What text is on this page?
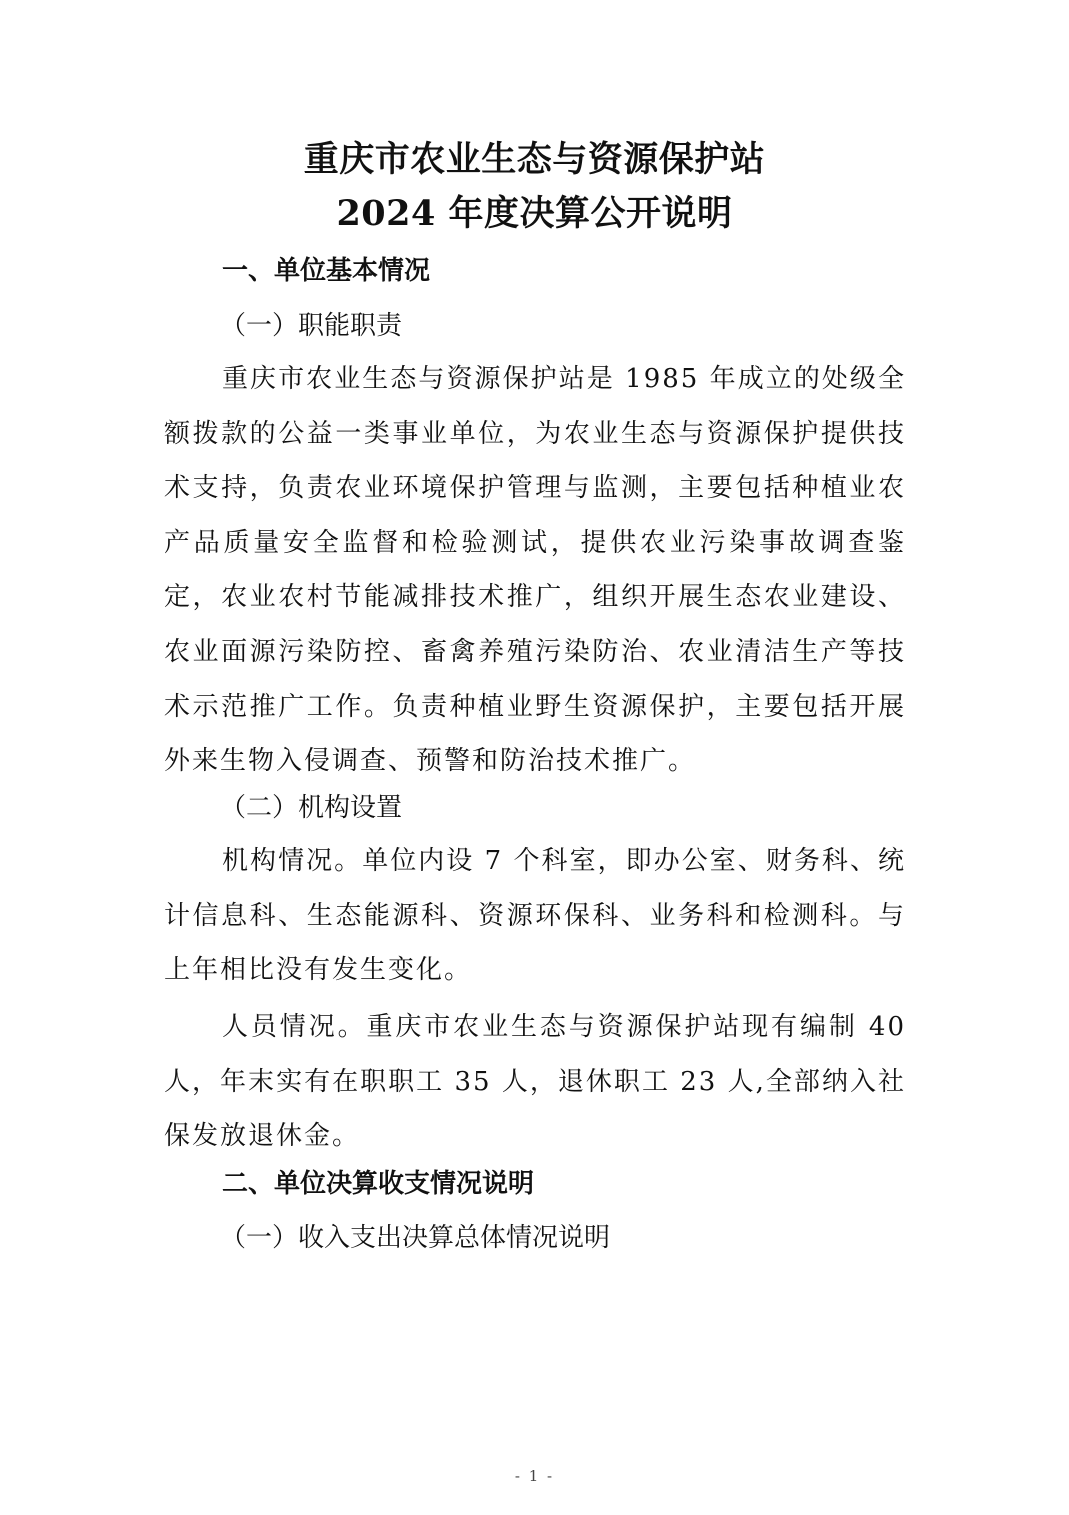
重庆市农业生态与资源保护站
2024 年度决算公开说明
一、单位基本情况
（一）职能职责

重庆市农业生态与资源保护站是 1985 年成立的处级全额拨款的公益一类事业单位，为农业生态与资源保护提供技术支持，负责农业环境保护管理与监测，主要包括种植业农产品质量安全监督和检验测试，提供农业污染事故调查鉴定，农业农村节能减排技术推广，组织开展生态农业建设、农业面源污染防控、畜禽养殖污染防治、农业清洁生产等技术示范推广工作。负责种植业野生资源保护，主要包括开展外来生物入侵调查、预警和防治技术推广。

（二）机构设置

机构情况。单位内设 7 个科室，即办公室、财务科、统计信息科、生态能源科、资源环保科、业务科和检测科。与上年相比没有发生变化。

人员情况。重庆市农业生态与资源保护站现有编制 40 人，年末实有在职职工 35 人，退休职工 23 人,全部纳入社保发放退休金。

二、单位决算收支情况说明
（一）收入支出决算总体情况说明
- 1 -
